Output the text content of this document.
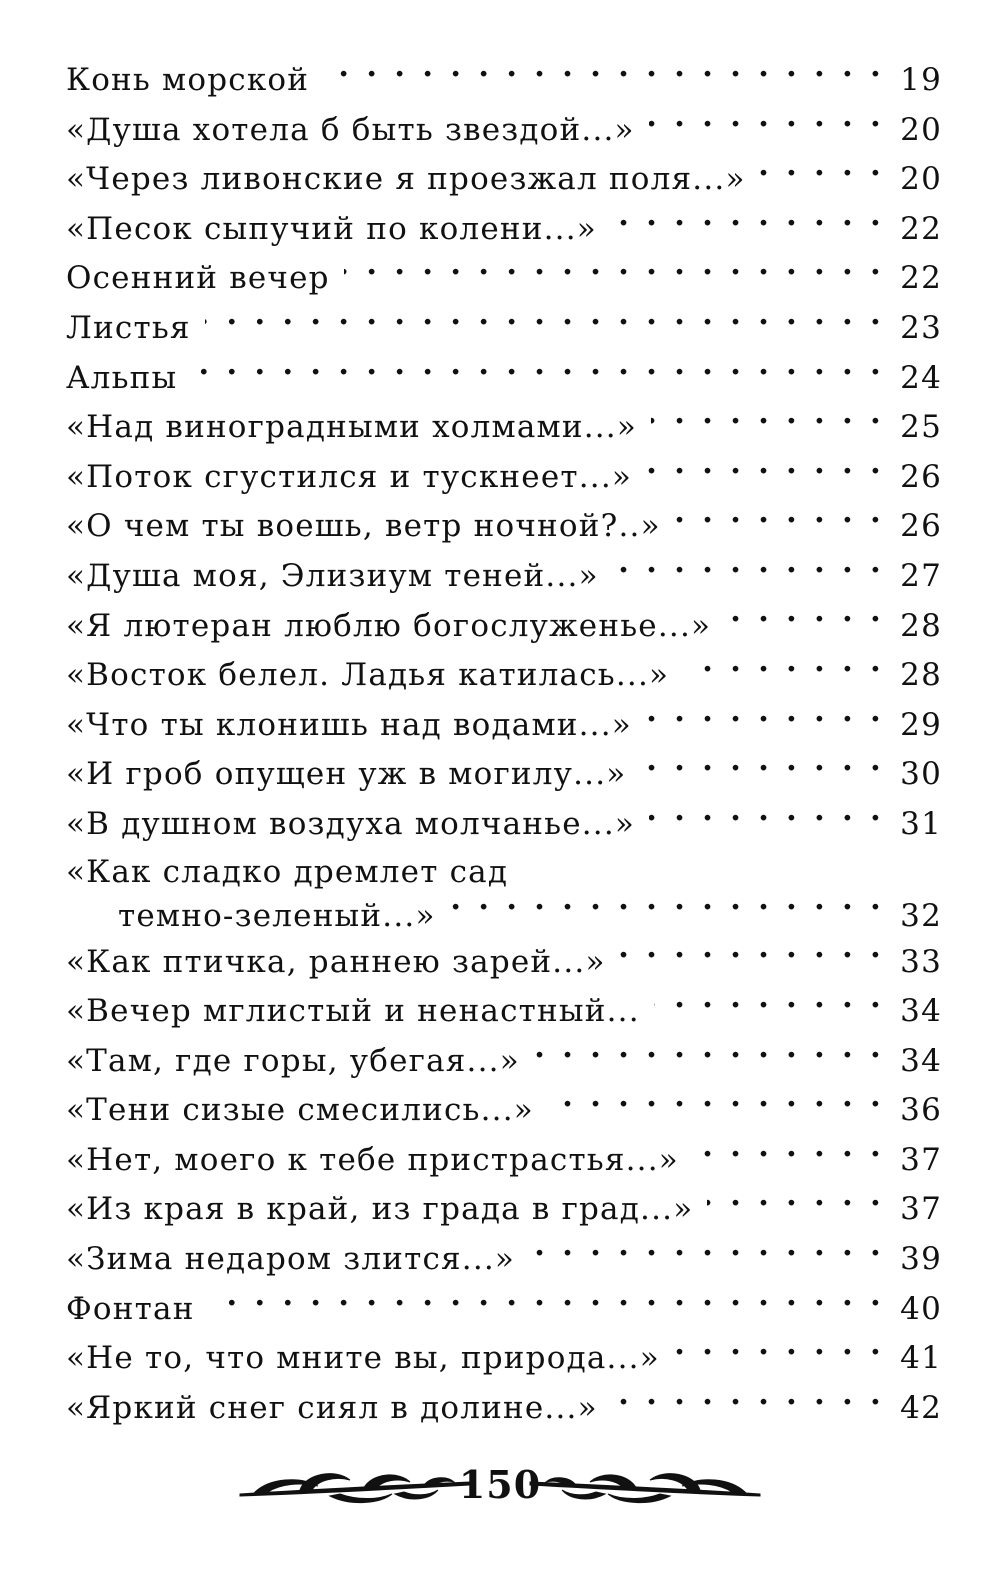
Конь морской . . .	19
«Душа хотела б быть звездой...» . . .	20
«Через ливонские я проезжал поля...» . . .	20
«Песок сыпучий по колени...» . . .	22
Осенний вечер . . .	22
Листья . . .	23
Альпы . . .	24
«Над виноградными холмами...» . . .	25
«Поток сгустился и тускнеет...» . . .	26
«О чем ты воешь, ветр ночной?..» . . .	26
«Душа моя, Элизиум теней...» . . .	27
«Я лютеран люблю богослуженье...» . . .	28
«Восток белел. Ладья катилась...» . . .	28
«Что ты клонишь над водами...» . . .	29
«И гроб опущен уж в могилу...» . . .	30
«В душном воздуха молчанье...» . . .	31
«Как сладко дремлет сад
темно-зеленый...» . . .	32
«Как птичка, раннею зарей...» . . .	33
«Вечер мглистый и ненастный... . . .	34
«Там, где горы, убегая...» . . .	34
«Тени сизые смесились...» . . .	36
«Нет, моего к тебе пристрастья...» . . .	37
«Из края в край, из града в град...» . . .	37
«Зима недаром злится...» . . .	39
Фонтан . . .	40
«Не то, что мните вы, природа...» . . .	41
«Яркий снег сиял в долине...» . . .	42
150
